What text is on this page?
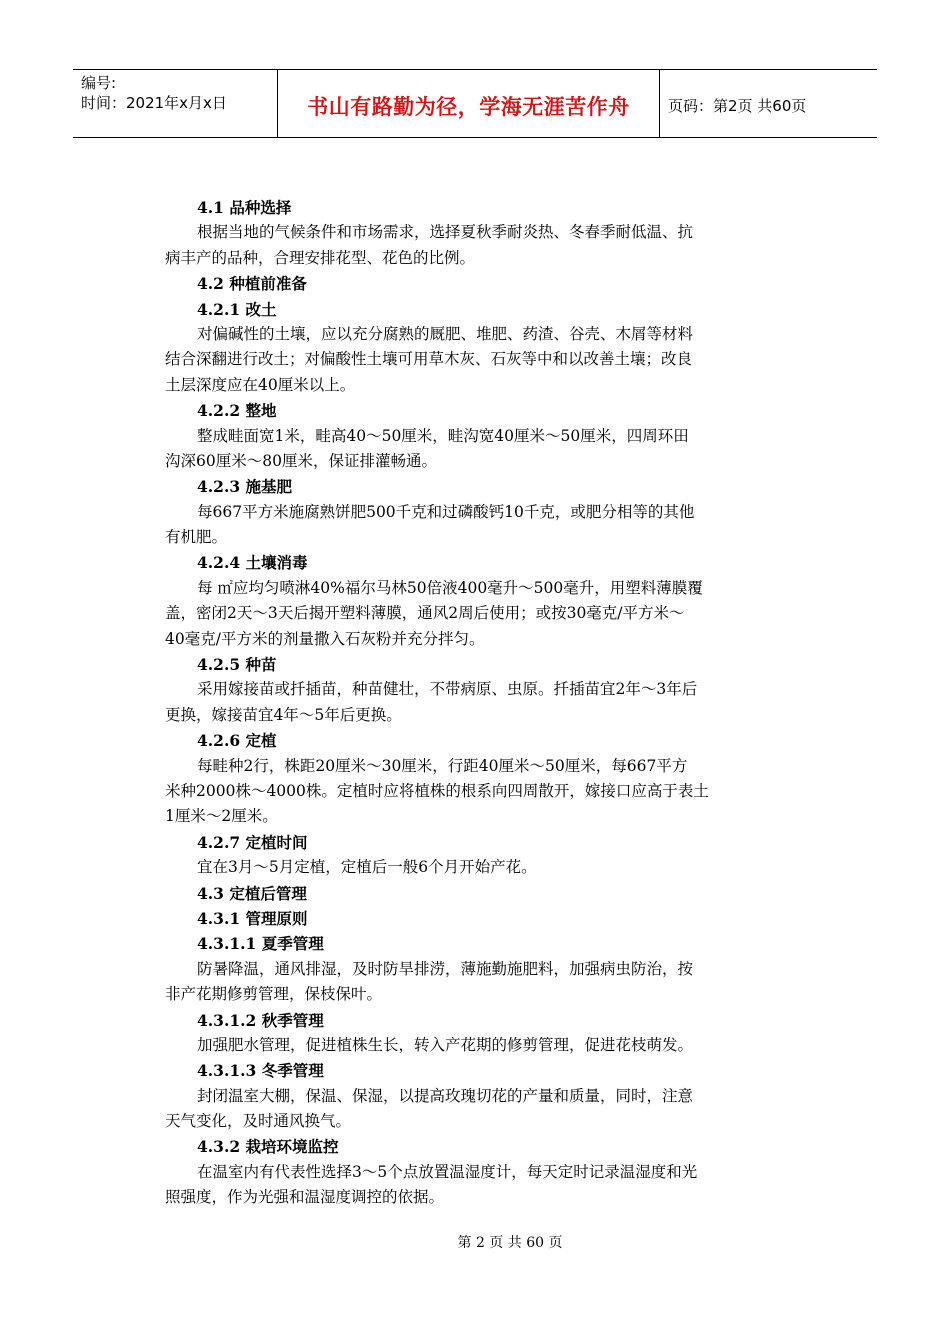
编号:
时间：2021年x月x日	书山有路勤为径，学海无涯苦作舟	页码：第2页 共60页
4.1 品种选择
根据当地的气候条件和市场需求，选择夏秋季耐炎热、冬春季耐低温、抗
病丰产的品种，合理安排花型、花色的比例。
4.2 种植前准备
4.2.1 改土
对偏碱性的土壤，应以充分腐熟的厩肥、堆肥、药渣、谷壳、木屑等材料
结合深翻进行改土；对偏酸性土壤可用草木灰、石灰等中和以改善土壤；改良
土层深度应在40厘米以上。
4.2.2 整地
整成畦面宽1米，畦高40～50厘米，畦沟宽40厘米～50厘米，四周环田
沟深60厘米～80厘米，保证排灌畅通。
4.2.3 施基肥
每667平方米施腐熟饼肥500千克和过磷酸钙10千克，或肥分相等的其他
有机肥。
4.2.4 土壤消毒
每 ㎡应均匀喷淋40%福尔马林50倍液400毫升～500毫升，用塑料薄膜覆
盖，密闭2天～3天后揭开塑料薄膜，通风2周后使用；或按30毫克/平方米～
40毫克/平方米的剂量撒入石灰粉并充分拌匀。
4.2.5 种苗
采用嫁接苗或扦插苗，种苗健壮，不带病原、虫原。扦插苗宜2年～3年后
更换，嫁接苗宜4年～5年后更换。
4.2.6 定植
每畦种2行，株距20厘米～30厘米，行距40厘米～50厘米，每667平方
米种2000株～4000株。定植时应将植株的根系向四周散开，嫁接口应高于表土
1厘米～2厘米。
4.2.7 定植时间
宜在3月～5月定植，定植后一般6个月开始产花。
4.3 定植后管理
4.3.1 管理原则
4.3.1.1 夏季管理
防暑降温，通风排湿，及时防旱排涝，薄施勤施肥料，加强病虫防治，按
非产花期修剪管理，保枝保叶。
4.3.1.2 秋季管理
加强肥水管理，促进植株生长，转入产花期的修剪管理，促进花枝萌发。
4.3.1.3 冬季管理
封闭温室大棚，保温、保湿，以提高玫瑰切花的产量和质量，同时，注意
天气变化，及时通风换气。
4.3.2 栽培环境监控
在温室内有代表性选择3～5个点放置温湿度计，每天定时记录温湿度和光
照强度，作为光强和温湿度调控的依据。
第 2 页 共 60 页
